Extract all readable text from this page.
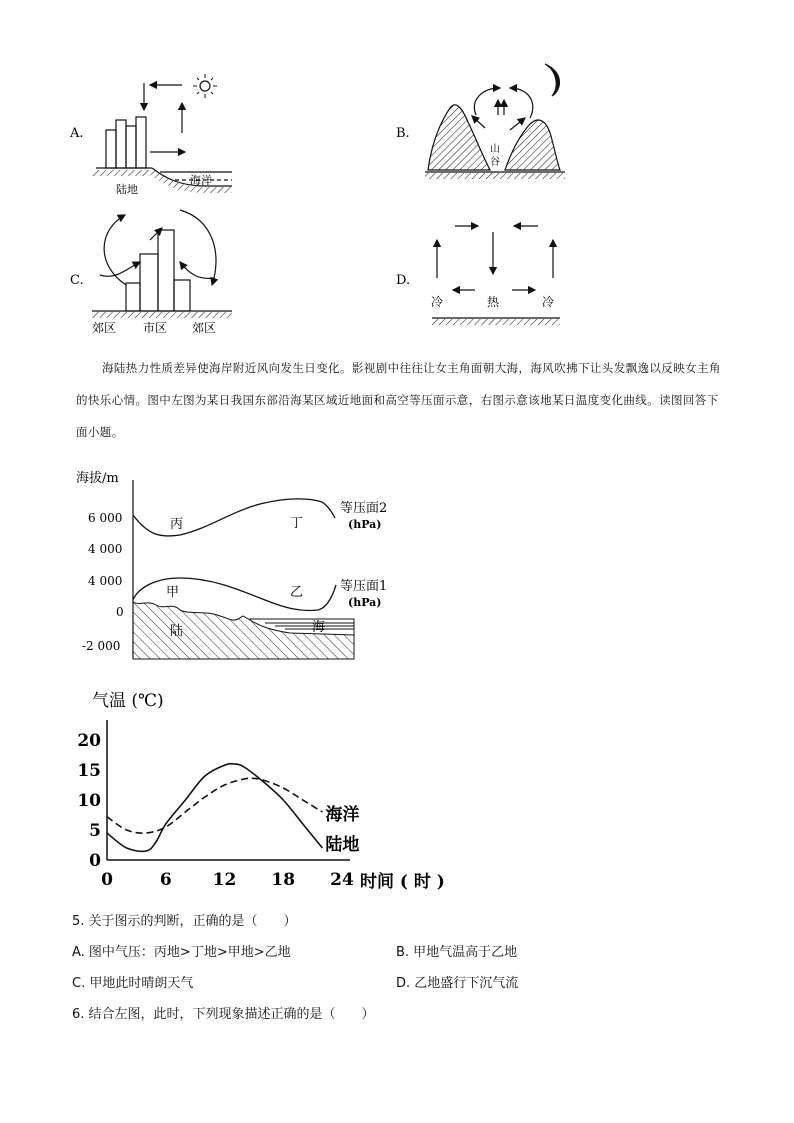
A.
海洋
陆地
B.
山
谷
C.
郊区 市区 郊区
D.
冷	热	冷
海陆热力性质差异使海岸附近风向发生日变化。影视剧中往往让女主角面朝大海，海风吹拂下让头发飘逸以反映女主角的快乐心情。图中左图为某日我国东部沿海某区域近地面和高空等压面示意，右图示意该地某日温度变化曲线。读图回答下面小题。
海拔/m
6 000
4 000
4 000
0
-2 000
陆	海
丙	丁
甲	乙
等压面2
(hPa)
等压面1
(hPa)
气温 (℃)
时间 ( 时 )
0
5
10
15
20
0	6 12 18 24
海洋
陆地
5. 关于图示的判断，正确的是（　　）
A. 图中气压：丙地>丁地>甲地>乙地	B. 甲地气温高于乙地
C. 甲地此时晴朗天气	D. 乙地盛行下沉气流
6. 结合左图，此时，下列现象描述正确的是（　　）
